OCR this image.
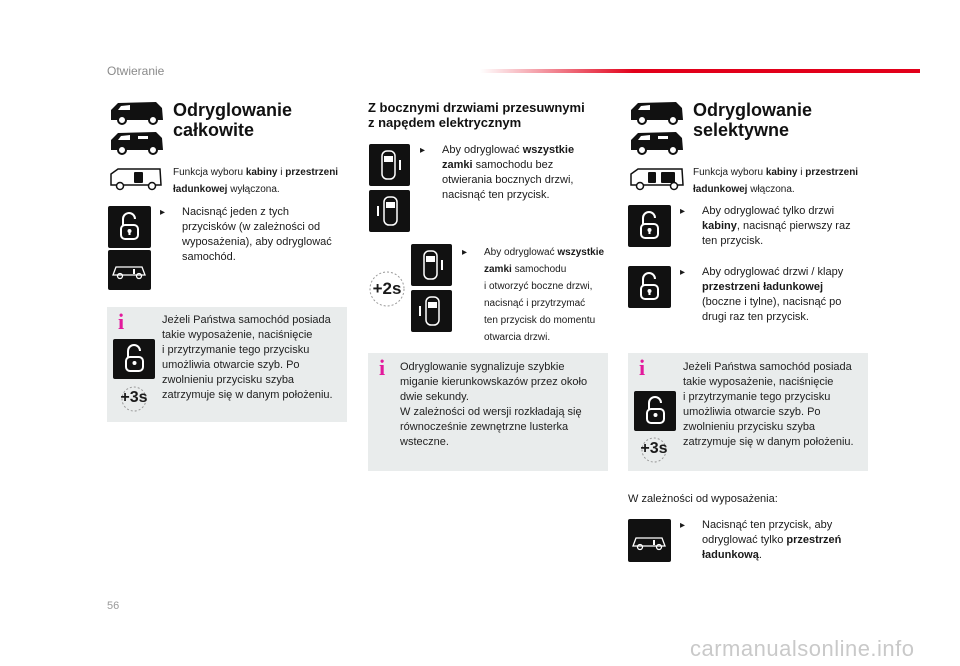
Otwieranie
Odryglowanie
całkowite
Funkcja wyboru kabiny i przestrzeni
ładunkowej wyłączona.
▸ Nacisnąć jeden z tych przycisków (w zależności od wyposażenia), aby odryglować samochód.
i
+3s
Jeżeli Państwa samochód posiada
takie wyposażenie, naciśnięcie
i przytrzymanie tego przycisku
umożliwia otwarcie szyb. Po
zwolnieniu przycisku szyba
zatrzymuje się w danym położeniu.
Z bocznymi drzwiami przesuwnymi
z napędem elektrycznym
▸ Aby odryglować wszystkie zamki samochodu bez otwierania bocznych drzwi, nacisnąć ten przycisk.
+2s
▸ Aby odryglować wszystkie zamki samochodu
i otworzyć boczne drzwi,
nacisnąć i przytrzymać
ten przycisk do momentu
otwarcia drzwi.
i Odryglowanie sygnalizuje szybkie
miganie kierunkowskazów przez około
dwie sekundy.
W zależności od wersji rozkładają się
równocześnie zewnętrzne lusterka
wsteczne.
Odryglowanie
selektywne
Funkcja wyboru kabiny i przestrzeni
ładunkowej włączona.
▸ Aby odryglować tylko drzwi kabiny, nacisnąć pierwszy raz ten przycisk.
▸ Aby odryglować drzwi / klapy przestrzeni ładunkowej (boczne i tylne), nacisnąć po drugi raz ten przycisk.
i
+3s
Jeżeli Państwa samochód posiada
takie wyposażenie, naciśnięcie
i przytrzymanie tego przycisku
umożliwia otwarcie szyb. Po
zwolnieniu przycisku szyba
zatrzymuje się w danym położeniu.
W zależności od wyposażenia:
▸ Nacisnąć ten przycisk, aby odryglować tylko przestrzeń ładunkową.
56
carmanualsonline.info
